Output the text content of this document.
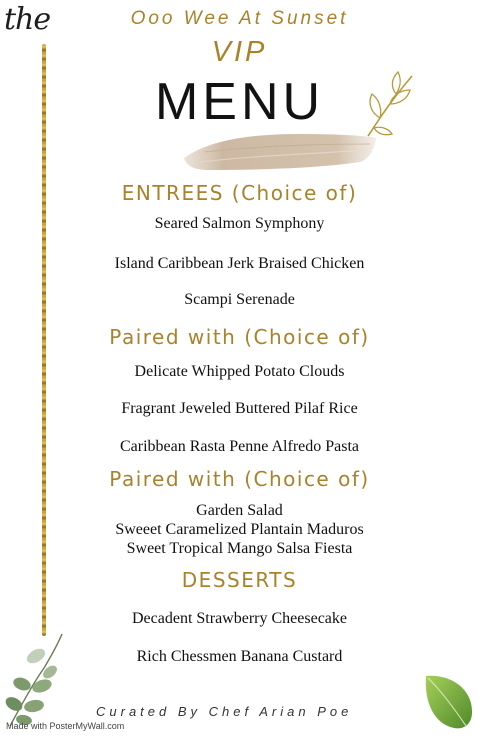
the	Ooo Wee At Sunset
VIP
MENU
ENTREES (Choice of)
Seared Salmon Symphony
Island Caribbean Jerk Braised Chicken
Scampi Serenade
Paired with (Choice of)
Delicate Whipped Potato Clouds
Fragrant Jeweled Buttered Pilaf Rice
Caribbean Rasta Penne Alfredo Pasta
Paired with (Choice of)
Garden Salad
Sweeet Caramelized Plantain Maduros
Sweet Tropical Mango Salsa Fiesta
DESSERTS
Decadent Strawberry Cheesecake
Rich Chessmen Banana Custard
Curated By Chef Arian Poe
Made with PosterMyWall.com
